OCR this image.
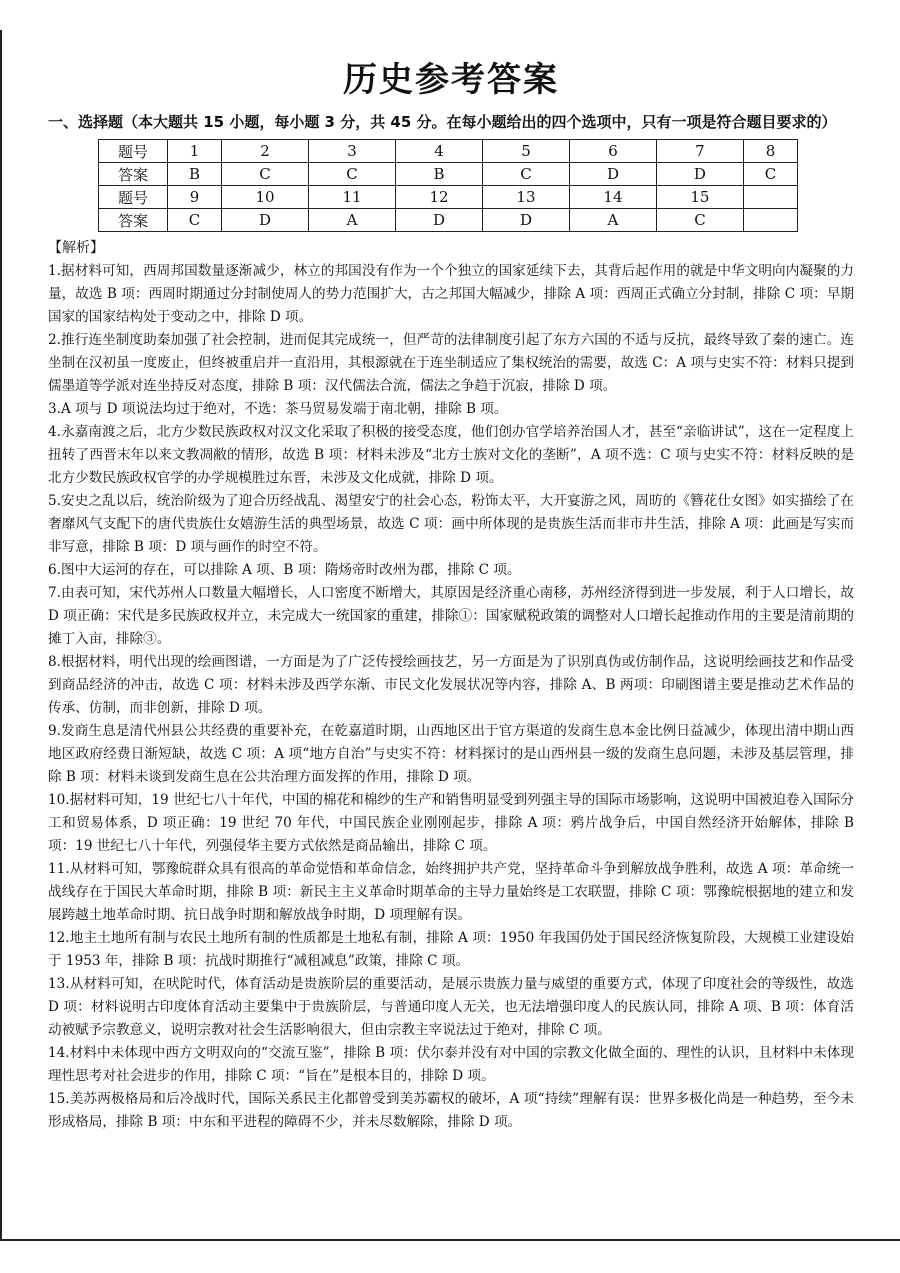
历史参考答案

一、选择题（本大题共 15 小题，每小题 3 分，共 45 分。在每小题给出的四个选项中，只有一项是符合题目要求的）

题号	1	2	3	4	5	6	7	8
答案	B	C	C	B	C	D	D	C
题号	9	10	11	12	13	14	15	
答案	C	D	A	D	D	A	C	
【解析】

1.据材料可知，西周邦国数量逐渐减少，林立的邦国没有作为一个个独立的国家延续下去，其背后起作用的就是中华文明向内凝聚的力量，故选 B 项：西周时期通过分封制使周人的势力范围扩大，古之邦国大幅减少，排除 A 项：西周正式确立分封制，排除 C 项：早期国家的国家结构处于变动之中，排除 D 项。

2.推行连坐制度助秦加强了社会控制，进而促其完成统一，但严苛的法律制度引起了东方六国的不适与反抗，最终导致了秦的速亡。连坐制在汉初虽一度废止，但终被重启并一直沿用，其根源就在于连坐制适应了集权统治的需要，故选 C：A 项与史实不符：材料只提到儒墨道等学派对连坐持反对态度，排除 B 项：汉代儒法合流，儒法之争趋于沉寂，排除 D 项。

3.A 项与 D 项说法均过于绝对，不选：茶马贸易发端于南北朝，排除 B 项。

4.永嘉南渡之后，北方少数民族政权对汉文化采取了积极的接受态度，他们创办官学培养治国人才，甚至“亲临讲试”，这在一定程度上扭转了西晋末年以来文教凋敝的情形，故选 B 项：材料未涉及“北方士族对文化的垄断”，A 项不选：C 项与史实不符：材料反映的是北方少数民族政权官学的办学规模胜过东晋，未涉及文化成就，排除 D 项。

5.安史之乱以后，统治阶级为了迎合历经战乱、渴望安宁的社会心态，粉饰太平，大开宴游之风，周昉的《簪花仕女图》如实描绘了在奢靡风气支配下的唐代贵族仕女嬉游生活的典型场景，故选 C 项：画中所体现的是贵族生活而非市井生活，排除 A 项：此画是写实而非写意，排除 B 项：D 项与画作的时空不符。

6.图中大运河的存在，可以排除 A 项、B 项：隋炀帝时改州为郡，排除 C 项。

7.由表可知，宋代苏州人口数量大幅增长，人口密度不断增大，其原因是经济重心南移，苏州经济得到进一步发展，利于人口增长，故 D 项正确：宋代是多民族政权并立，未完成大一统国家的重建，排除①：国家赋税政策的调整对人口增长起推动作用的主要是清前期的摊丁入亩，排除③。

8.根据材料，明代出现的绘画图谱，一方面是为了广泛传授绘画技艺，另一方面是为了识别真伪或仿制作品，这说明绘画技艺和作品受到商品经济的冲击，故选 C 项：材料未涉及西学东渐、市民文化发展状况等内容，排除 A、B 两项：印刷图谱主要是推动艺术作品的传承、仿制，而非创新，排除 D 项。

9.发商生息是清代州县公共经费的重要补充，在乾嘉道时期，山西地区出于官方渠道的发商生息本金比例日益减少，体现出清中期山西地区政府经费日渐短缺，故选 C 项：A 项“地方自治”与史实不符：材料探讨的是山西州县一级的发商生息问题，未涉及基层管理，排除 B 项：材料未谈到发商生息在公共治理方面发挥的作用，排除 D 项。

10.据材料可知，19 世纪七八十年代，中国的棉花和棉纱的生产和销售明显受到列强主导的国际市场影响，这说明中国被迫卷入国际分工和贸易体系，D 项正确：19 世纪 70 年代，中国民族企业刚刚起步，排除 A 项：鸦片战争后，中国自然经济开始解体，排除 B 项：19 世纪七八十年代，列强侵华主要方式依然是商品输出，排除 C 项。

11.从材料可知，鄂豫皖群众具有很高的革命觉悟和革命信念，始终拥护共产党，坚持革命斗争到解放战争胜利，故选 A 项：革命统一战线存在于国民大革命时期，排除 B 项：新民主主义革命时期革命的主导力量始终是工农联盟，排除 C 项：鄂豫皖根据地的建立和发展跨越土地革命时期、抗日战争时期和解放战争时期，D 项理解有误。

12.地主土地所有制与农民土地所有制的性质都是土地私有制，排除 A 项：1950 年我国仍处于国民经济恢复阶段，大规模工业建设始于 1953 年，排除 B 项：抗战时期推行“减租减息”政策，排除 C 项。

13.从材料可知，在吠陀时代，体育活动是贵族阶层的重要活动，是展示贵族力量与威望的重要方式，体现了印度社会的等级性，故选 D 项：材料说明古印度体育活动主要集中于贵族阶层，与普通印度人无关，也无法增强印度人的民族认同，排除 A 项、B 项：体育活动被赋予宗教意义，说明宗教对社会生活影响很大，但由宗教主宰说法过于绝对，排除 C 项。

14.材料中未体现中西方文明双向的“交流互鉴”，排除 B 项：伏尔泰并没有对中国的宗教文化做全面的、理性的认识，且材料中未体现理性思考对社会进步的作用，排除 C 项：“旨在”是根本目的，排除 D 项。

15.美苏两极格局和后冷战时代，国际关系民主化都曾受到美苏霸权的破坏，A 项“持续”理解有误：世界多极化尚是一种趋势，至今未形成格局，排除 B 项：中东和平进程的障碍不少，并未尽数解除，排除 D 项。
